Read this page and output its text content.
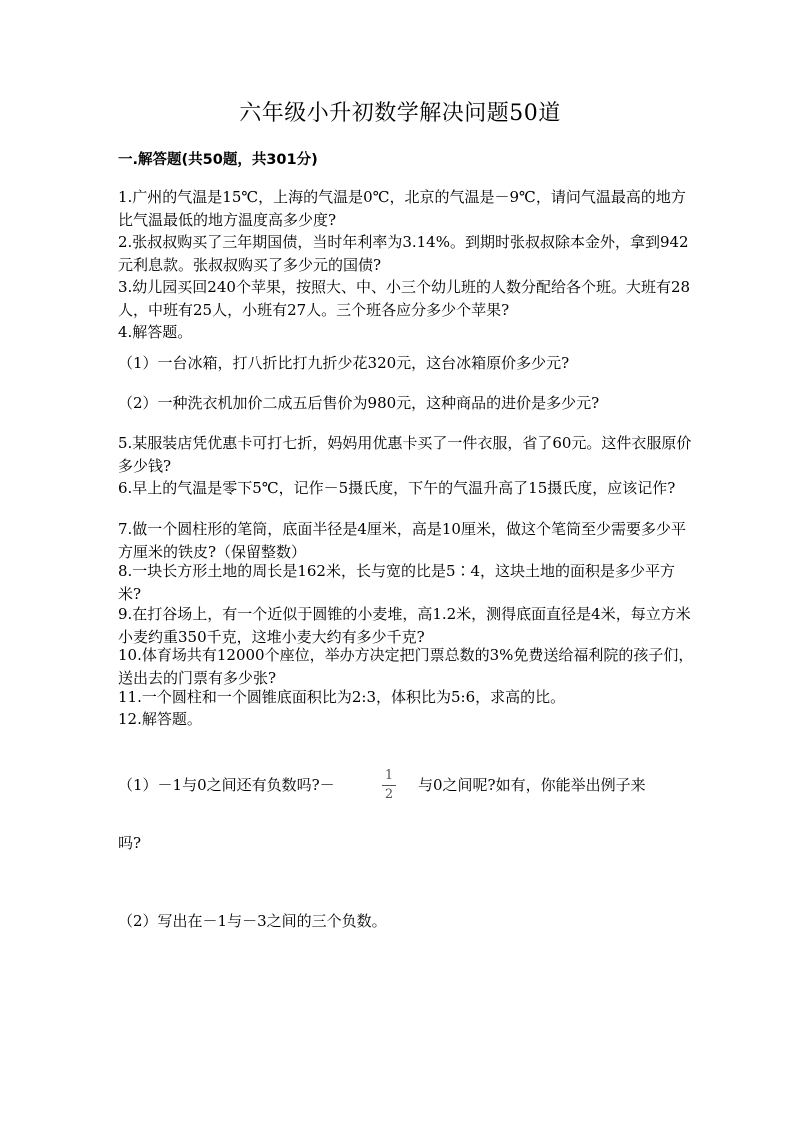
六年级小升初数学解决问题50道
一.解答题(共50题，共301分)
1.广州的气温是15℃，上海的气温是0℃，北京的气温是－9℃，请问气温最高的地方比气温最低的地方温度高多少度?
2.张叔叔购买了三年期国债，当时年利率为3.14%。到期时张叔叔除本金外，拿到942元利息款。张叔叔购买了多少元的国债?
3.幼儿园买回240个苹果，按照大、中、小三个幼儿班的人数分配给各个班。大班有28人，中班有25人，小班有27人。三个班各应分多少个苹果?
4.解答题。
（1）一台冰箱，打八折比打九折少花320元，这台冰箱原价多少元?
（2）一种洗衣机加价二成五后售价为980元，这种商品的进价是多少元?
5.某服装店凭优惠卡可打七折，妈妈用优惠卡买了一件衣服，省了60元。这件衣服原价多少钱?
6.早上的气温是零下5℃，记作－5摄氏度，下午的气温升高了15摄氏度，应该记作?
7.做一个圆柱形的笔筒，底面半径是4厘米，高是10厘米，做这个笔筒至少需要多少平方厘米的铁皮?（保留整数）
8.一块长方形土地的周长是162米，长与宽的比是5∶4，这块土地的面积是多少平方米?
9.在打谷场上，有一个近似于圆锥的小麦堆，高1.2米，测得底面直径是4米，每立方米小麦约重350千克，这堆小麦大约有多少千克?
10.体育场共有12000个座位，举办方决定把门票总数的3%免费送给福利院的孩子们，送出去的门票有多少张?
11.一个圆柱和一个圆锥底面积比为2:3，体积比为5:6，求高的比。
12.解答题。
（1）－1与0之间还有负数吗?－
1
2
与0之间呢?如有，你能举出例子来
吗?
（2）写出在－1与－3之间的三个负数。
